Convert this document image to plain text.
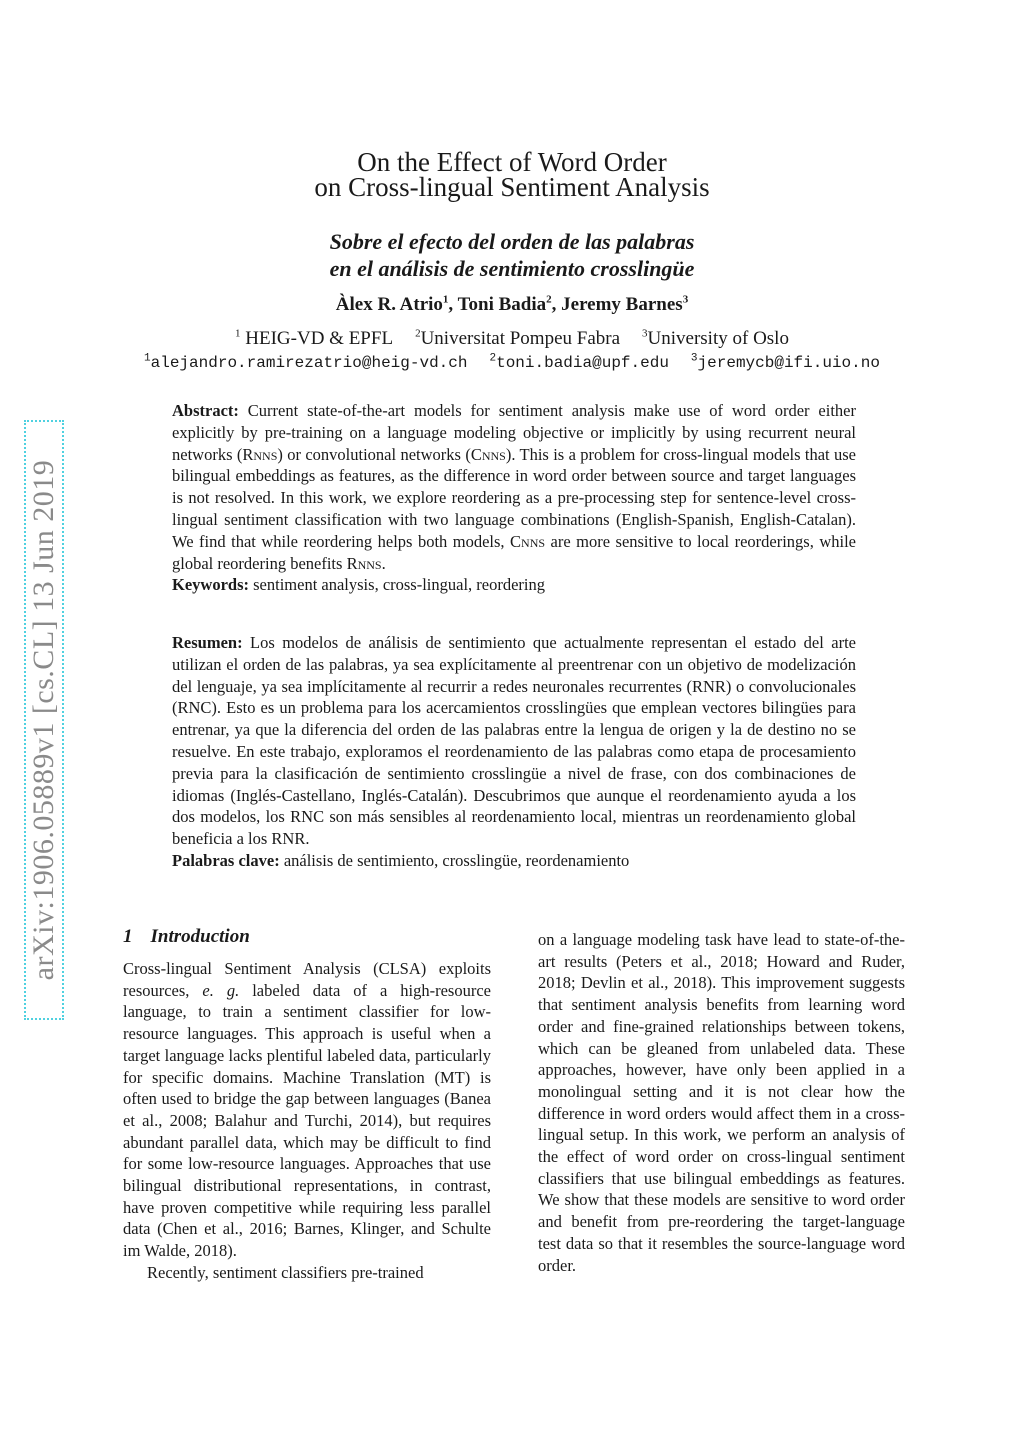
arXiv:1906.05889v1 [cs.CL] 13 Jun 2019
On the Effect of Word Order
on Cross-lingual Sentiment Analysis
Sobre el efecto del orden de las palabras
en el análisis de sentimiento crosslingüe
Àlex R. Atrio$^1$, Toni Badia$^2$, Jeremy Barnes$^3$
$^1$ HEIG-VD & EPFL $^2$Universitat Pompeu Fabra $^3$University of Oslo
$^1$alejandro.ramirezatrio@heig-vd.ch $^2$toni.badia@upf.edu $^3$jeremycb@ifi.uio.no
Abstract: Current state-of-the-art models for sentiment analysis make use of word order either explicitly by pre-training on a language modeling objective or implicitly by using recurrent neural networks (Rnns) or convolutional networks (Cnns). This is a problem for cross-lingual models that use bilingual embeddings as features, as the difference in word order between source and target languages is not resolved. In this work, we explore reordering as a pre-processing step for sentence-level cross-lingual sentiment classification with two language combinations (English-Spanish, English-Catalan). We find that while reordering helps both models, Cnns are more sensitive to local reorderings, while global reordering benefits Rnns.
Keywords: sentiment analysis, cross-lingual, reordering
Resumen: Los modelos de análisis de sentimiento que actualmente representan el estado del arte utilizan el orden de las palabras, ya sea explícitamente al preentrenar con un objetivo de modelización del lenguaje, ya sea implícitamente al recurrir a redes neuronales recurrentes (RNR) o convolucionales (RNC). Esto es un problema para los acercamientos crosslingües que emplean vectores bilingües para entrenar, ya que la diferencia del orden de las palabras entre la lengua de origen y la de destino no se resuelve. En este trabajo, exploramos el reordenamiento de las palabras como etapa de procesamiento previa para la clasificación de sentimiento crosslingüe a nivel de frase, con dos combinaciones de idiomas (Inglés-Castellano, Inglés-Catalán). Descubrimos que aunque el reordenamiento ayuda a los dos modelos, los RNC son más sensibles al reordenamiento local, mientras un reordenamiento global beneficia a los RNR.
Palabras clave: análisis de sentimiento, crosslingüe, reordenamiento
1 Introduction
Cross-lingual Sentiment Analysis (CLSA) exploits resources, e. g. labeled data of a high-resource language, to train a sentiment classifier for low-resource languages. This approach is useful when a target language lacks plentiful labeled data, particularly for specific domains. Machine Translation (MT) is often used to bridge the gap between languages (Banea et al., 2008; Balahur and Turchi, 2014), but requires abundant parallel data, which may be difficult to find for some low-resource languages. Approaches that use bilingual distributional representations, in contrast, have proven competitive while requiring less parallel data (Chen et al., 2016; Barnes, Klinger, and Schulte im Walde, 2018).
Recently, sentiment classifiers pre-trained
on a language modeling task have lead to state-of-the-art results (Peters et al., 2018; Howard and Ruder, 2018; Devlin et al., 2018). This improvement suggests that sentiment analysis benefits from learning word order and fine-grained relationships between tokens, which can be gleaned from unlabeled data. These approaches, however, have only been applied in a monolingual setting and it is not clear how the difference in word orders would affect them in a cross-lingual setup. In this work, we perform an analysis of the effect of word order on cross-lingual sentiment classifiers that use bilingual embeddings as features. We show that these models are sensitive to word order and benefit from pre-reordering the target-language test data so that it resembles the source-language word order.
